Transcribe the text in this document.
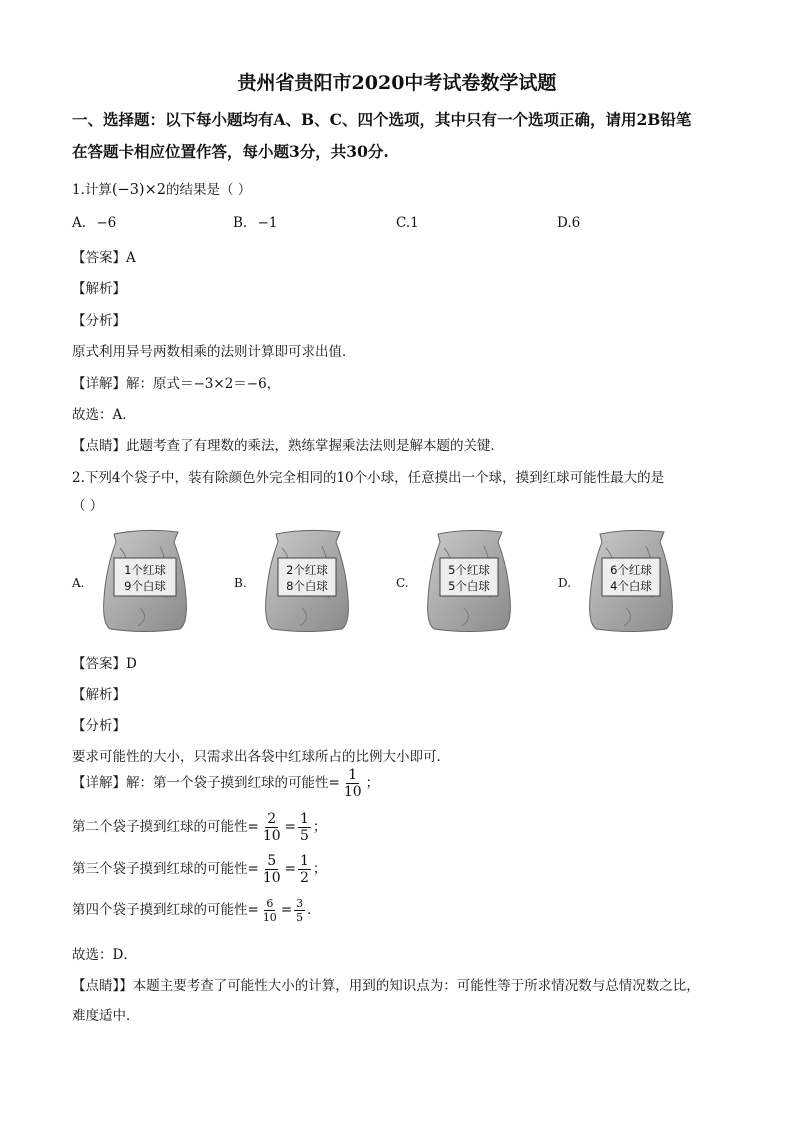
贵州省贵阳市2020中考试卷数学试题
一、选择题：以下每小题均有A、B、C、四个选项，其中只有一个选项正确，请用2B铅笔
在答题卡相应位置作答，每小题3分，共30分.
1.计算(−3)×2的结果是（ ）
A. −6	B. −1	C.1	D.6
【答案】A
【解析】
【分析】
原式利用异号两数相乘的法则计算即可求出值．
【详解】解：原式＝−3×2＝−6，
故选：A．
【点睛】此题考查了有理数的乘法，熟练掌握乘法法则是解本题的关键．
2.下列4个袋子中，装有除颜色外完全相同的10个小球，任意摸出一个球，摸到红球可能性最大的是
（ ）
A.	B.	C.	D.
1个红球
9个白球
2个红球
8个白球
5个红球
5个白球
6个红球
4个白球
【答案】D
【解析】
【分析】
要求可能性的大小，只需求出各袋中红球所占的比例大小即可．
【详解】解：第一个袋子摸到红球的可能性= $\frac{1}{10}$ ；
第二个袋子摸到红球的可能性= $\frac{2}{10} = \frac{1}{5}$ ；
第三个袋子摸到红球的可能性= $\frac{5}{10} = \frac{1}{2}$ ；
第四个袋子摸到红球的可能性= $\frac{6}{10} = \frac{3}{5}$ ．
故选：D．
【点睛】】本题主要考查了可能性大小的计算，用到的知识点为：可能性等于所求情况数与总情况数之比，
难度适中．
